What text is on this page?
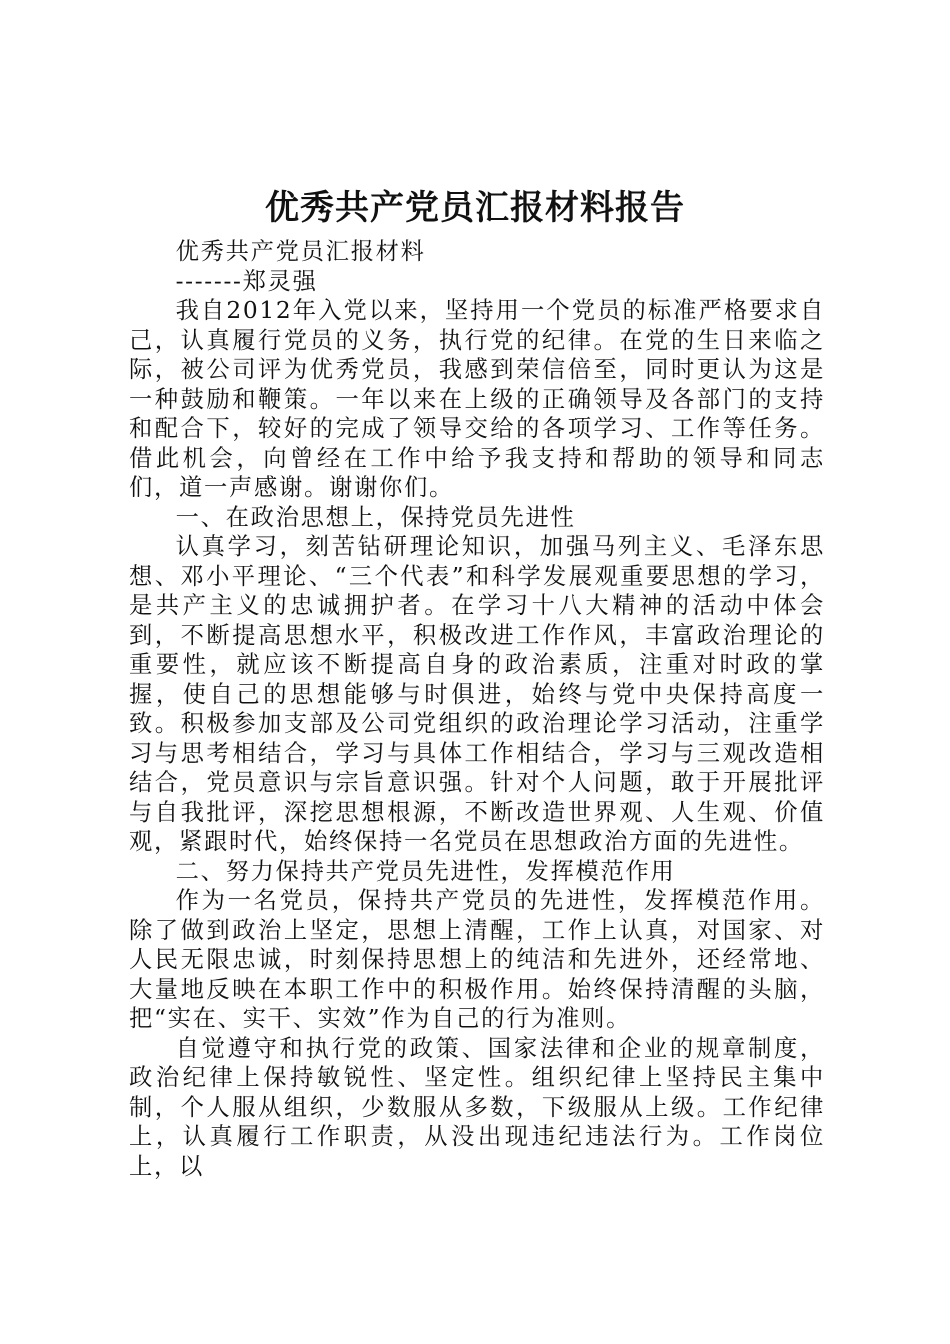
优秀共产党员汇报材料报告

优秀共产党员汇报材料

-------郑灵强

我自2012年入党以来，坚持用一个党员的标准严格要求自己，认真履行党员的义务，执行党的纪律。在党的生日来临之际，被公司评为优秀党员，我感到荣信倍至，同时更认为这是一种鼓励和鞭策。一年以来在上级的正确领导及各部门的支持和配合下，较好的完成了领导交给的各项学习、工作等任务。借此机会，向曾经在工作中给予我支持和帮助的领导和同志们，道一声感谢。谢谢你们。

一、在政治思想上，保持党员先进性

认真学习，刻苦钻研理论知识，加强马列主义、毛泽东思想、邓小平理论、“三个代表”和科学发展观重要思想的学习，是共产主义的忠诚拥护者。在学习十八大精神的活动中体会到，不断提高思想水平，积极改进工作作风，丰富政治理论的重要性，就应该不断提高自身的政治素质，注重对时政的掌握，使自己的思想能够与时俱进，始终与党中央保持高度一致。积极参加支部及公司党组织的政治理论学习活动，注重学习与思考相结合，学习与具体工作相结合，学习与三观改造相结合，党员意识与宗旨意识强。针对个人问题，敢于开展批评与自我批评，深挖思想根源，不断改造世界观、人生观、价值观，紧跟时代，始终保持一名党员在思想政治方面的先进性。

二、努力保持共产党员先进性，发挥模范作用

作为一名党员，保持共产党员的先进性，发挥模范作用。除了做到政治上坚定，思想上清醒，工作上认真，对国家、对人民无限忠诚，时刻保持思想上的纯洁和先进外，还经常地、大量地反映在本职工作中的积极作用。始终保持清醒的头脑，把“实在、实干、实效”作为自己的行为准则。

自觉遵守和执行党的政策、国家法律和企业的规章制度，政治纪律上保持敏锐性、坚定性。组织纪律上坚持民主集中制，个人服从组织，少数服从多数，下级服从上级。工作纪律上，认真履行工作职责，从没出现违纪违法行为。工作岗位上，以
